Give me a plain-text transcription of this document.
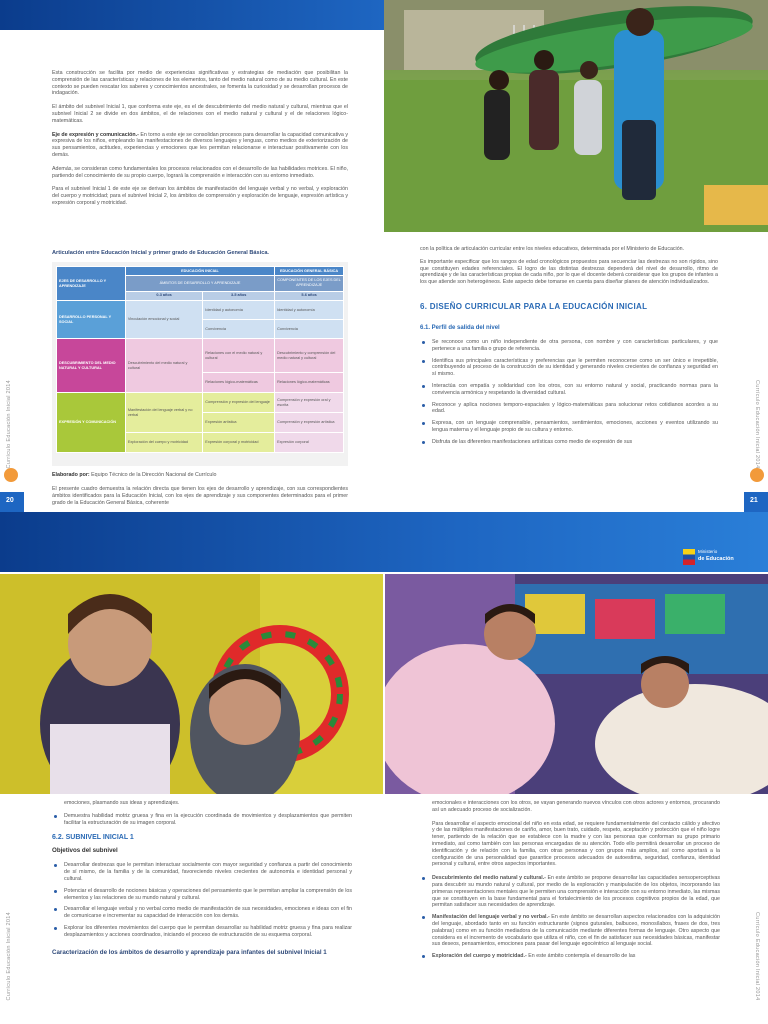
Esta construcción se facilita por medio de experiencias significativas y estrategias de mediación que posibilitan la comprensión de las características y relaciones de los elementos, tanto del medio natural como de su medio cultural. En este contexto se pueden rescatar los saberes y conocimientos ancestrales, se fomenta la curiosidad y se desarrollan procesos de indagación.

El ámbito del subnivel Inicial 1, que conforma este eje, es el de descubrimiento del medio natural y cultural, mientras que el subnivel Inicial 2 se divide en dos ámbitos, el de relaciones con el medio natural y cultural y el de relaciones lógico-matemáticas.

Eje de expresión y comunicación.- En torno a este eje se consolidan procesos para desarrollar la capacidad comunicativa y expresiva de los niños, empleando las manifestaciones de diversos lenguajes y lenguas, como medios de exteriorización de sus pensamientos, actitudes, experiencias y emociones que les permitan relacionarse e interactuar positivamente con los demás.

Además, se consideran como fundamentales los procesos relacionados con el desarrollo de las habilidades motrices. El niño, partiendo del conocimiento de su propio cuerpo, logrará la comprensión e interacción con su entorno inmediato.

Para el subnivel Inicial 1 de este eje se derivan los ámbitos de manifestación del lenguaje verbal y no verbal, y exploración del cuerpo y motricidad; para el subnivel Inicial 2, los ámbitos de comprensión y exploración de lenguaje, expresión artística y expresión corporal y motricidad.

Articulación entre Educación Inicial y primer grado de Educación General Básica.
EJES DE DESARROLLO Y APRENDIZAJE	EDUCACIÓN INICIAL		EDUCACIÓN GENERAL BÁSICA
	ÁMBITOS DE DESARROLLO Y APRENDIZAJE		COMPONENTES DE LOS EJES DEL APRENDIZAJE
	0-3 años	3-5 años	5-6 años
DESARROLLO PERSONAL Y SOCIAL	Vinculación emocional y social	Identidad y autonomía	Identidad y autonomía
		Convivencia	Convivencia
DESCUBRIMIENTO DEL MEDIO NATURAL Y CULTURAL	Descubrimiento del medio natural y cultural	Relaciones con el medio natural y cultural	Descubrimiento y comprensión del medio natural y cultural
		Relaciones lógico-matemáticas	Relaciones lógico-matemáticas
EXPRESIÓN Y COMUNICACIÓN	Manifestación del lenguaje verbal y no verbal	Comprensión y expresión del lenguaje	Comprensión y expresión oral y escrita
		Expresión artística	Comprensión y expresión artística
	Exploración del cuerpo y motricidad	Expresión corporal y motricidad	Expresión corporal

Elaborado por: Equipo Técnico de la Dirección Nacional de Currículo

El presente cuadro demuestra la relación directa que tienen los ejes de desarrollo y aprendizaje, con sus correspondientes ámbitos identificados para la Educación Inicial, con los ejes de aprendizaje y sus componentes determinados para el primer grado de la Educación General Básica, coherente

con la política de articulación curricular entre los niveles educativos, determinada por el Ministerio de Educación.

Es importante especificar que los rangos de edad cronológicos propuestos para secuenciar las destrezas no son rígidos, sino que constituyen edades referenciales. El logro de las distintas destrezas dependerá del nivel de desarrollo, ritmo de aprendizaje y de las características propias de cada niño, por lo que el docente deberá considerar que los grupos de infantes a los que atiende son heterogéneos. Este aspecto debe tomarse en cuenta para diseñar planes de atención individualizados.

6. DISEÑO CURRICULAR PARA LA EDUCACIÓN INICIAL
6.1. Perfil de salida del nivel
Se reconoce como un niño independiente de otra persona, con nombre y con características particulares, y que pertenece a una familia o grupo de referencia.
Identifica sus principales características y preferencias que le permiten reconocerse como un ser único e irrepetible, contribuyendo al proceso de la construcción de su identidad y generando niveles crecientes de confianza y seguridad en sí mismo.
Interactúa con empatía y solidaridad con los otros, con su entorno natural y social, practicando normas para la convivencia armónica y respetando la diversidad cultural.
Reconoce y aplica nociones temporo-espaciales y lógico-matemáticas para solucionar retos cotidianos acordes a su edad.
Expresa, con un lenguaje comprensible, pensamientos, sentimientos, emociones, acciones y eventos utilizando su lengua materna y el lenguaje propio de su cultura y entorno.
Disfruta de las diferentes manifestaciones artísticas como medio de expresión de sus
20	21
Currículo Educación Inicial 2014	Currículo Educación Inicial 2014
Ministerio
de Educación

emociones, plasmando sus ideas y aprendizajes.

Demuestra habilidad motriz gruesa y fina en la ejecución coordinada de movimientos y desplazamientos que permiten facilitar la estructuración de su imagen corporal.
6.2. SUBNIVEL INICIAL 1
Objetivos del subnivel
Desarrollar destrezas que le permitan interactuar socialmente con mayor seguridad y confianza a partir del conocimiento de sí mismo, de la familia y de la comunidad, favoreciendo niveles crecientes de autonomía e identidad personal y cultural.
Potenciar el desarrollo de nociones básicas y operaciones del pensamiento que le permitan ampliar la comprensión de los elementos y las relaciones de su mundo natural y cultural.
Desarrollar el lenguaje verbal y no verbal como medio de manifestación de sus necesidades, emociones e ideas con el fin de comunicarse e incrementar su capacidad de interacción con los demás.
Explorar los diferentes movimientos del cuerpo que le permitan desarrollar su habilidad motriz gruesa y fina para realizar desplazamientos y acciones coordinados, iniciando el proceso de estructuración de su esquema corporal.
Caracterización de los ámbitos de desarrollo y aprendizaje para infantes del subnivel Inicial 1

emocionales e interacciones con los otros, se vayan generando nuevos vínculos con otros actores y entornos, procurando así un adecuado proceso de socialización.

Para desarrollar el aspecto emocional del niño en esta edad, se requiere fundamentalmente del contacto cálido y afectivo y de las múltiples manifestaciones de cariño, amor, buen trato, cuidado, respeto, aceptación y protección que el niño logre tener, partiendo de la relación que se establece con la madre y con las personas que conforman su grupo primario inmediato, así como también con las personas encargadas de su atención. Todo ello permitirá desarrollar un proceso de identificación y de relación con la familia, con otras personas y con grupos más amplios, así como aportará a la configuración de una personalidad que garantice procesos adecuados de autoestima, seguridad, confianza, identidad personal y cultural, entre otros aspectos importantes.

Descubrimiento del medio natural y cultural.- En este ámbito se propone desarrollar las capacidades sensoperceptivas para descubrir su mundo natural y cultural, por medio de la exploración y manipulación de los objetos, incorporando las primeras representaciones mentales que le permiten una comprensión e interacción con su entorno inmediato, las mismas que se constituyen en la base fundamental para el fortalecimiento de los procesos cognitivos propios de la edad, que permitan satisfacer sus necesidades de aprendizaje.
Manifestación del lenguaje verbal y no verbal.- En este ámbito se desarrollan aspectos relacionados con la adquisición del lenguaje, abordado tanto en su función estructurante (signos guturales, balbuceo, monosílabos, frases de dos, tres palabras) como en su función mediadora de la comunicación mediante diferentes formas de lenguaje. Otro aspecto que considera es el incremento de vocabulario que utiliza el niño, con el fin de satisfacer sus necesidades básicas, manifestar sus deseos, pensamientos, emociones para pasar del lenguaje egocéntrico al lenguaje social.
Exploración del cuerpo y motricidad.- En este ámbito contempla el desarrollo de las
Currículo Educación Inicial 2014	Currículo Educación Inicial 2014
